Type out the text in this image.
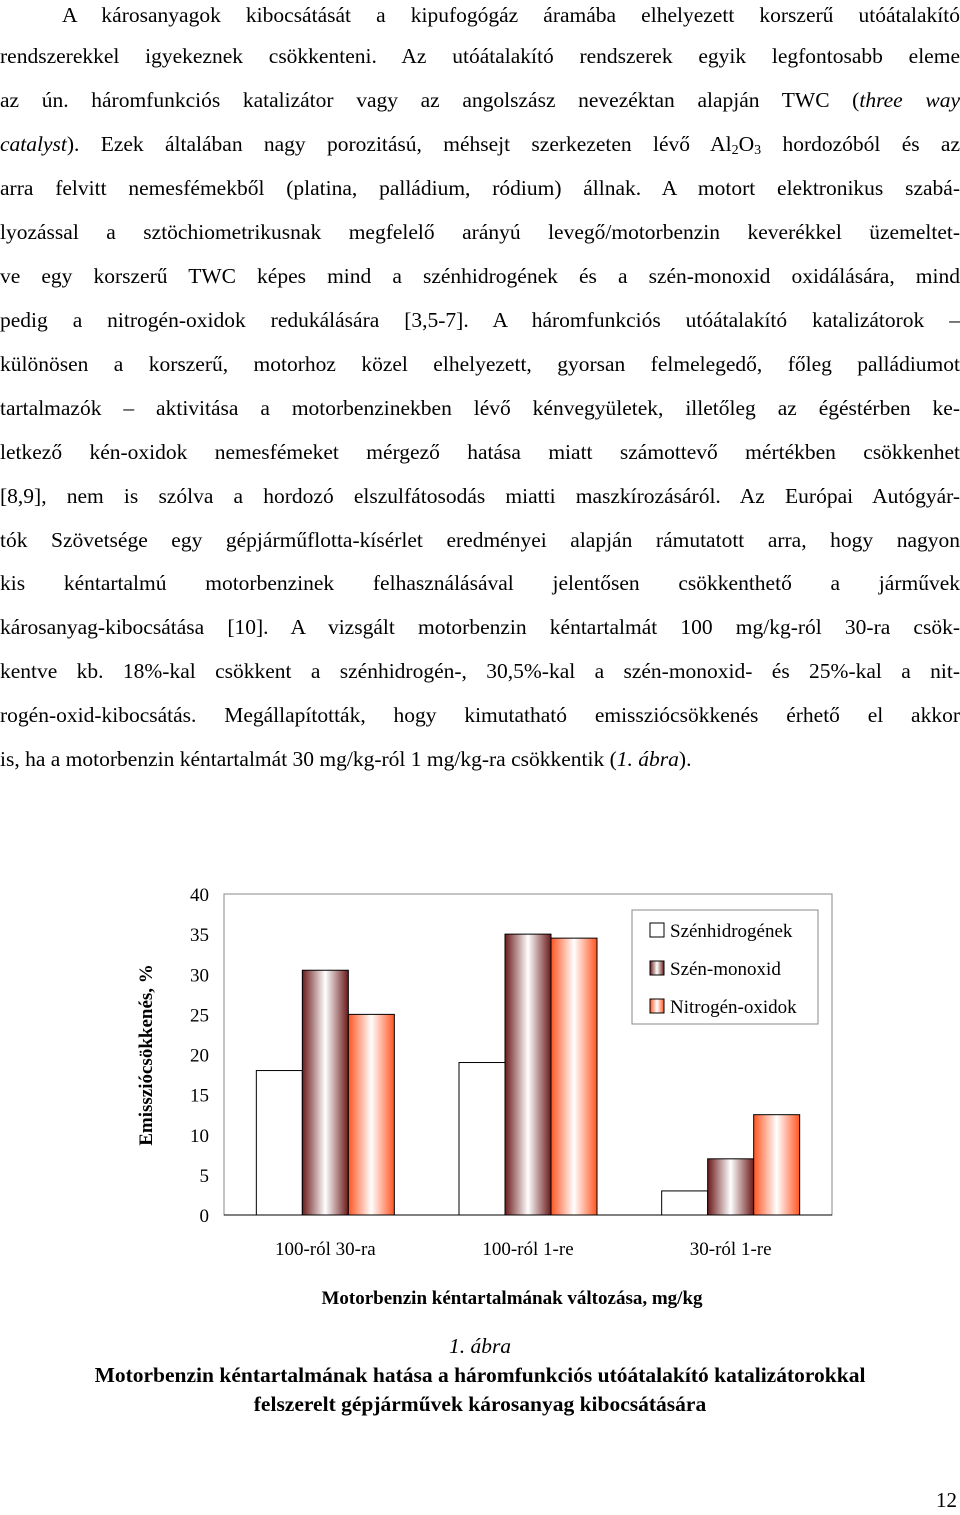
A károsanyagok kibocsátását a kipufogógáz áramába elhelyezett korszerű utóátalakító
rendszerekkel igyekeznek csökkenteni. Az utóátalakító rendszerek egyik legfontosabb eleme
az ún. háromfunkciós katalizátor vagy az angolszász nevezéktan alapján TWC (three way
catalyst). Ezek általában nagy porozitású, méhsejt szerkezeten lévő $Al_2O_3$ hordozóból és az
arra felvitt nemesfémekből (platina, palládium, ródium) állnak. A motort elektronikus szabá-
lyozással a sztöchiometrikusnak megfelelő arányú levegő/motorbenzin keverékkel üzemeltet-
ve egy korszerű TWC képes mind a szénhidrogének és a szén-monoxid oxidálására, mind
pedig a nitrogén-oxidok redukálására [3,5-7]. A háromfunkciós utóátalakító katalizátorok –
különösen a korszerű, motorhoz közel elhelyezett, gyorsan felmelegedő, főleg palládiumot
tartalmazók – aktivitása a motorbenzinekben lévő kénvegyületek, illetőleg az égéstérben ke-
letkező kén-oxidok nemesfémeket mérgező hatása miatt számottevő mértékben csökkenhet
[8,9], nem is szólva a hordozó elszulfátosodás miatti maszkírozásáról. Az Európai Autógyár-
tók Szövetsége egy gépjárműflotta-kísérlet eredményei alapján rámutatott arra, hogy nagyon
kis kéntartalmú motorbenzinek felhasználásával jelentősen csökkenthető a járművek
károsanyag-kibocsátása [10]. A vizsgált motorbenzin kéntartalmát 100 mg/kg-ról 30-ra csök-
kentve kb. 18%-kal csökkent a szénhidrogén-, 30,5%-kal a szén-monoxid- és 25%-kal a nit-
rogén-oxid-kibocsátás. Megállapították, hogy kimutatható emissziócsökkenés érhető el akkor
is, ha a motorbenzin kéntartalmát 30 mg/kg-ról 1 mg/kg-ra csökkentik (1. ábra).
0
5
10
15
20
25
30
35
40
100-ról 30-ra	100-ról 1-re	30-ról 1-re
Szénhidrogének
Szén-monoxid
Nitrogén-oxidok
Emissziócsökkenés, %
Motorbenzin kéntartalmának változása, mg/kg
1. ábra
Motorbenzin kéntartalmának hatása a háromfunkciós utóátalakító katalizátorokkal
felszerelt gépjárművek károsanyag kibocsátására
12
